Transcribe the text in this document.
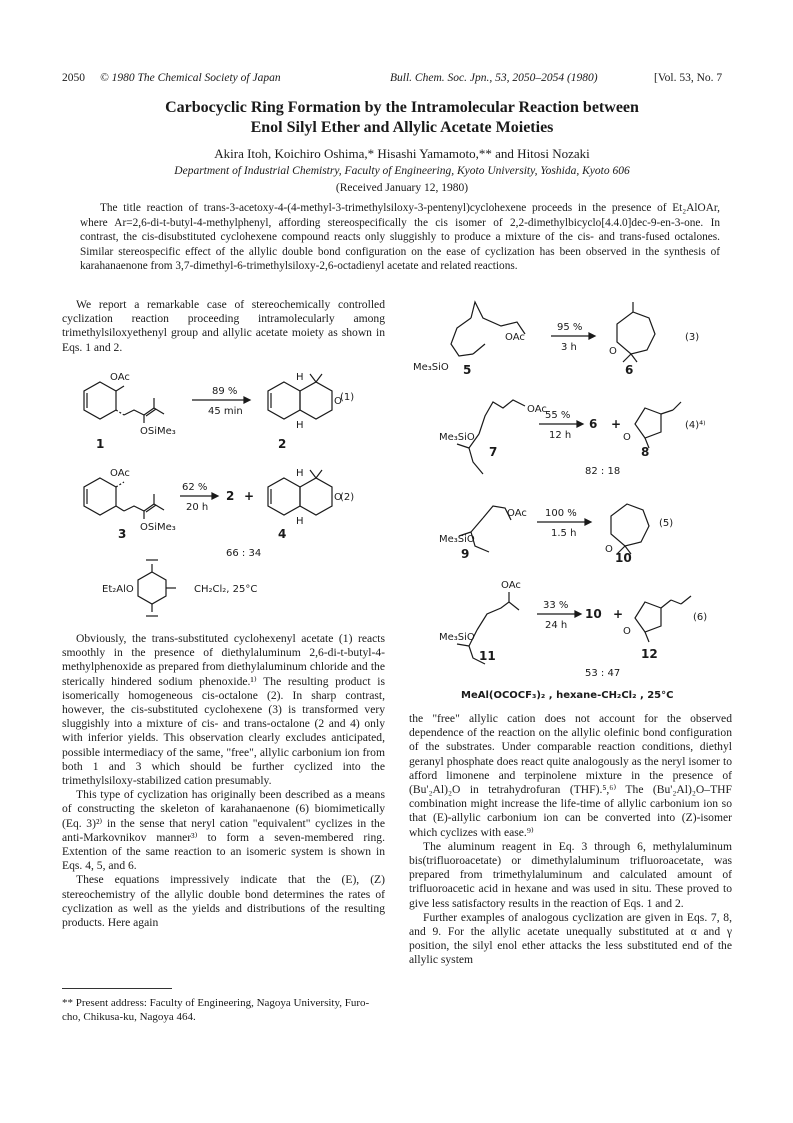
2050 © 1980 The Chemical Society of Japan	Bull. Chem. Soc. Jpn., 53, 2050–2054 (1980)	[Vol. 53, No. 7
Carbocyclic Ring Formation by the Intramolecular Reaction between
Enol Silyl Ether and Allylic Acetate Moieties
Akira Itoh, Koichiro Oshima,* Hisashi Yamamoto,** and Hitosi Nozaki
Department of Industrial Chemistry, Faculty of Engineering, Kyoto University, Yoshida, Kyoto 606
(Received January 12, 1980)
The title reaction of trans-3-acetoxy-4-(4-methyl-3-trimethylsiloxy-3-pentenyl)cyclohexene proceeds in the presence of Et₂AlOAr, where Ar=2,6-di-t-butyl-4-methylphenyl, affording stereospecifically the cis isomer of 2,2-dimethylbicyclo[4.4.0]dec-9-en-3-one. In contrast, the cis-disubstituted cyclohexene compound reacts only sluggishly to produce a mixture of the cis- and trans-fused octalones. Similar stereospecific effect of the allylic double bond configuration on the ease of cyclization has been observed in the synthesis of karahanaenone from 3,7-dimethyl-6-trimethylsiloxy-2,6-octadienyl acetate and related reactions.

We report a remarkable case of stereochemically controlled cyclization reaction proceeding intramolecularly among trimethylsiloxyethenyl group and allylic acetate moiety as shown in Eqs. 1 and 2.

OAc
OSiMe₃
89 %
45 min
H
H
O
(1)
1	2
OAc
OSiMe₃
62 %
20 h
2 +
H
H
O
(2)
3	4
66 : 34
Et₂AlO	CH₂Cl₂, 25°C

Obviously, the trans-substituted cyclohexenyl acetate (1) reacts smoothly in the presence of diethylaluminum 2,6-di-t-butyl-4-methylphenoxide as prepared from diethylaluminum chloride and the sterically hindered sodium phenoxide.¹⁾ The resulting product is isomerically homogeneous cis-octalone (2). In sharp contrast, however, the cis-substituted cyclohexene (3) is transformed very sluggishly into a mixture of cis- and trans-octalone (2 and 4) only with inferior yields. This observation clearly excludes anticipated, possible intermediacy of the same, "free", allylic carbonium ion from both 1 and 3 which should be further cyclized into the trimethylsiloxy-stabilized cation presumably.

This type of cyclization has originally been described as a means of constructing the skeleton of karahanaenone (6) biomimetically (Eq. 3)²⁾ in the sense that neryl cation "equivalent" cyclizes in the anti-Markovnikov manner³⁾ to form a seven-membered ring. Extention of the same reaction to an isomeric system is shown in Eqs. 4, 5, and 6.

These equations impressively indicate that the (E), (Z) stereochemistry of the allylic double bond determines the rates of cyclization as well as the yields and distributions of the resulting products. Here again

** Present address: Faculty of Engineering, Nagoya University, Furo-cho, Chikusa-ku, Nagoya 464.
OAc
Me₃SiO
95 %
3 h	O
(3)
5	6
OAc
Me₃SiO
55 %
12 h
6 +
O
(4)⁴⁾
7	8
82 : 18
OAc
Me₃SiO
100 %
1.5 h
O
(5)
9	10
OAc
Me₃SiO
33 %
24 h
10 +
O
(6)
11	12
53 : 47
MeAl(OCOCF₃)₂ , hexane-CH₂Cl₂ , 25°C

the "free" allylic cation does not account for the observed dependence of the reaction on the allylic olefinic bond configuration of the substrates. Under comparable reaction conditions, diethyl geranyl phosphate does react quite analogously as the neryl isomer to afford limonene and terpinolene mixture in the presence of (Bu'₂Al)₂O in tetrahydrofuran (THF).⁵,⁶⁾ The (Bu'₂Al)₂O–THF combination might increase the life-time of allylic carbonium ion so that (E)-allylic carbonium ion can be converted into (Z)-isomer which cyclizes with ease.⁹⁾

The aluminum reagent in Eq. 3 through 6, methylaluminum bis(trifluoroacetate) or dimethylaluminum trifluoroacetate, was prepared from trimethylaluminum and calculated amount of trifluoroacetic acid in hexane and was used in situ. These proved to give less satisfactory results in the reaction of Eqs. 1 and 2.

Further examples of analogous cyclization are given in Eqs. 7, 8, and 9. For the allylic acetate unequally substituted at α and γ position, the silyl enol ether attacks the less substituted end of the allylic system
